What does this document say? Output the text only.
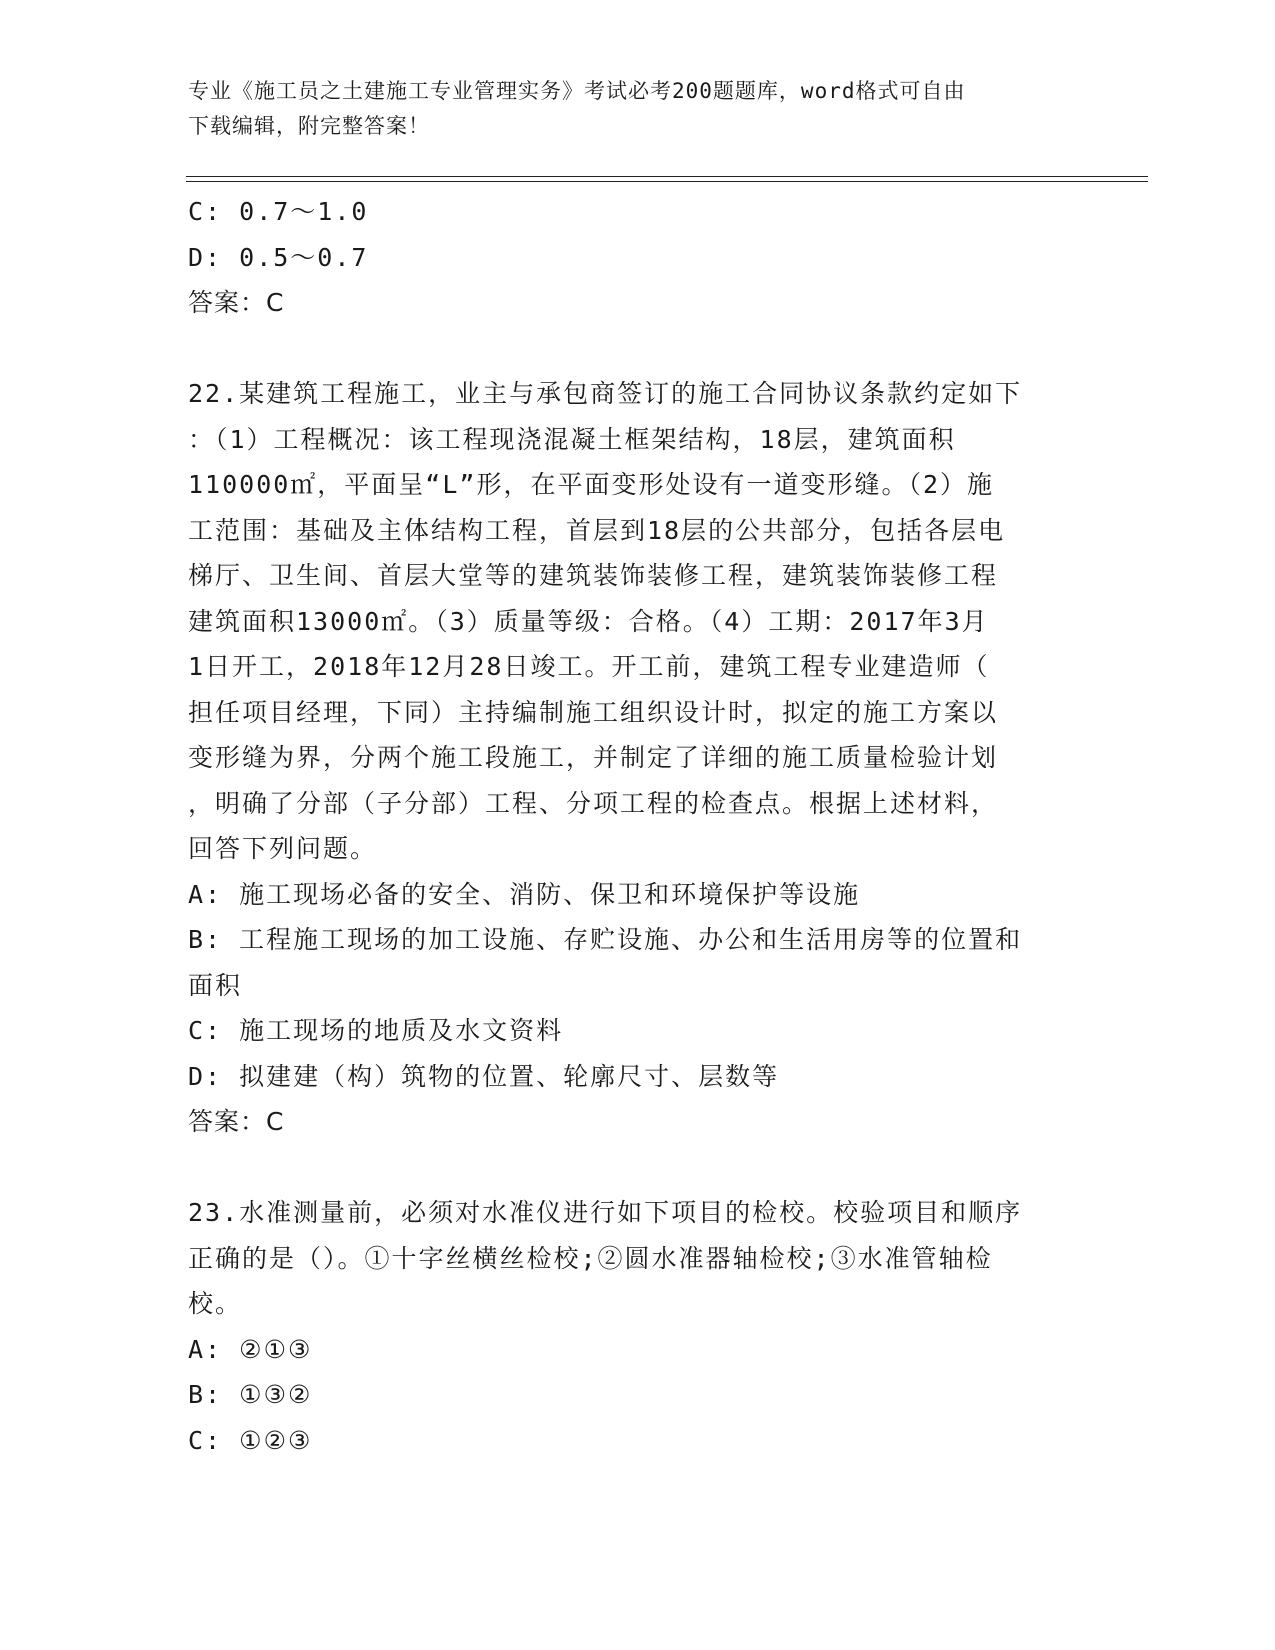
专业《施工员之土建施工专业管理实务》考试必考200题题库，word格式可自由
下载编辑，附完整答案！
C: 0.7～1.0
D: 0.5～0.7
答案：C
22.某建筑工程施工，业主与承包商签订的施工合同协议条款约定如下
：（1）工程概况：该工程现浇混凝土框架结构，18层，建筑面积
110000㎡，平面呈“L”形，在平面变形处设有一道变形缝。（2）施
工范围：基础及主体结构工程，首层到18层的公共部分，包括各层电
梯厅、卫生间、首层大堂等的建筑装饰装修工程，建筑装饰装修工程
建筑面积13000㎡。（3）质量等级：合格。（4）工期：2017年3月
1日开工，2018年12月28日竣工。开工前，建筑工程专业建造师（
担任项目经理，下同）主持编制施工组织设计时，拟定的施工方案以
变形缝为界，分两个施工段施工，并制定了详细的施工质量检验计划
，明确了分部（子分部）工程、分项工程的检查点。根据上述材料，
回答下列问题。
A: 施工现场必备的安全、消防、保卫和环境保护等设施
B: 工程施工现场的加工设施、存贮设施、办公和生活用房等的位置和
面积
C: 施工现场的地质及水文资料
D: 拟建建（构）筑物的位置、轮廓尺寸、层数等
答案：C
23.水准测量前，必须对水准仪进行如下项目的检校。校验项目和顺序
正确的是（）。①十字丝横丝检校;②圆水准器轴检校;③水准管轴检
校。
A: ②①③
B: ①③②
C: ①②③
